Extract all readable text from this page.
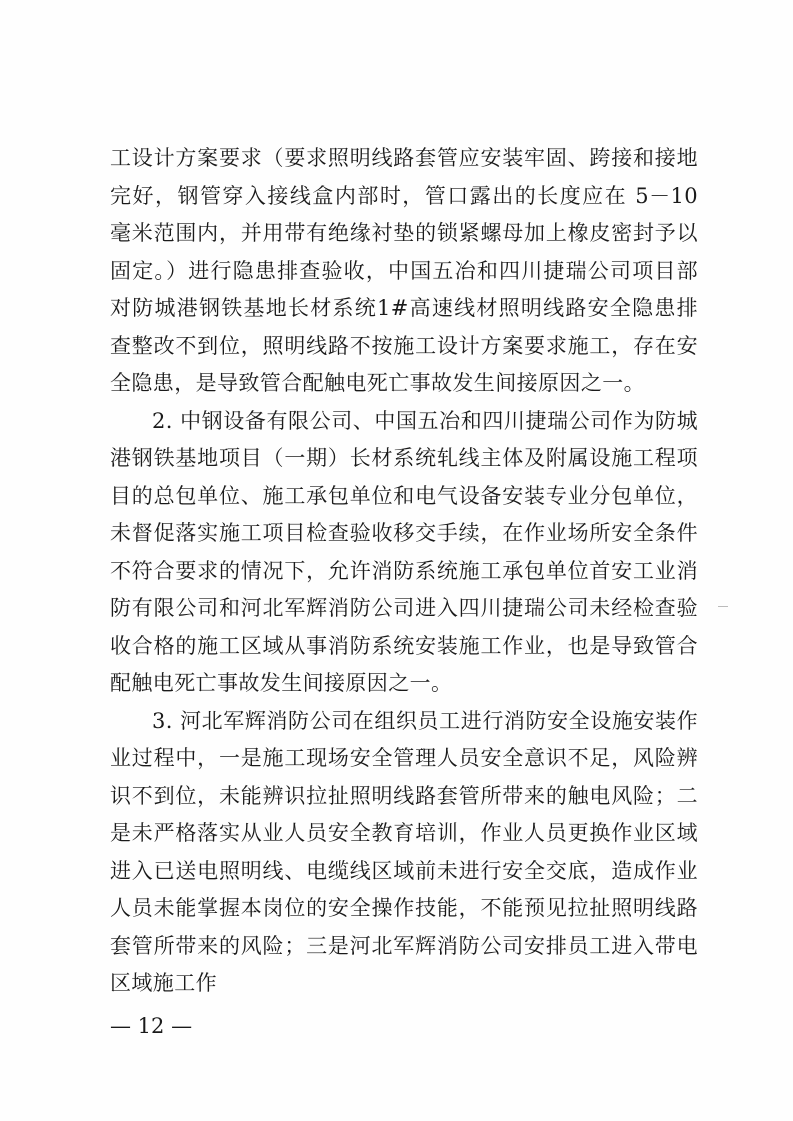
工设计方案要求（要求照明线路套管应安装牢固、跨接和接地完好，钢管穿入接线盒内部时，管口露出的长度应在 5－10 毫米范围内，并用带有绝缘衬垫的锁紧螺母加上橡皮密封予以固定。）进行隐患排查验收，中国五冶和四川捷瑞公司项目部对防城港钢铁基地长材系统1#高速线材照明线路安全隐患排查整改不到位，照明线路不按施工设计方案要求施工，存在安全隐患，是导致管合配触电死亡事故发生间接原因之一。

2. 中钢设备有限公司、中国五冶和四川捷瑞公司作为防城港钢铁基地项目（一期）长材系统轧线主体及附属设施工程项目的总包单位、施工承包单位和电气设备安装专业分包单位，未督促落实施工项目检查验收移交手续，在作业场所安全条件不符合要求的情况下，允许消防系统施工承包单位首安工业消防有限公司和河北军辉消防公司进入四川捷瑞公司未经检查验收合格的施工区域从事消防系统安装施工作业，也是导致管合配触电死亡事故发生间接原因之一。

3. 河北军辉消防公司在组织员工进行消防安全设施安装作业过程中，一是施工现场安全管理人员安全意识不足，风险辨识不到位，未能辨识拉扯照明线路套管所带来的触电风险；二是未严格落实从业人员安全教育培训，作业人员更换作业区域进入已送电照明线、电缆线区域前未进行安全交底，造成作业人员未能掌握本岗位的安全操作技能，不能预见拉扯照明线路套管所带来的风险；三是河北军辉消防公司安排员工进入带电区域施工作

— 12 —
